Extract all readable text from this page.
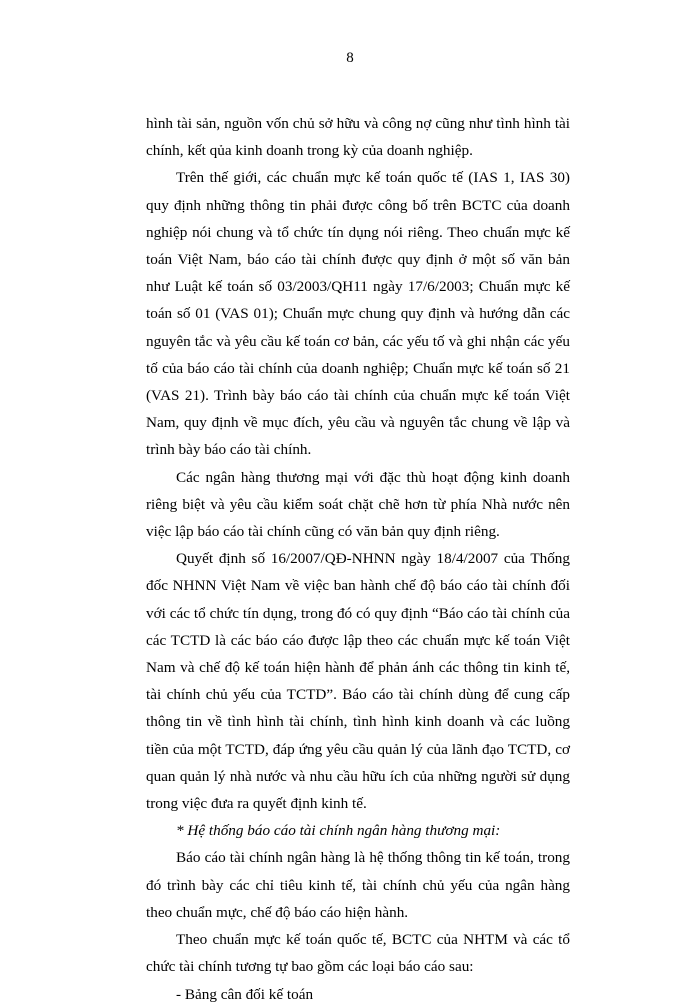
8

hình tài sản, nguồn vốn chủ sở hữu và công nợ cũng như tình hình tài chính, kết qủa kinh doanh trong kỳ của doanh nghiệp.

Trên thế giới, các chuẩn mực kế toán quốc tế (IAS 1, IAS 30) quy định những thông tin phải được công bố trên BCTC của doanh nghiệp nói chung và tổ chức tín dụng nói riêng. Theo chuẩn mực kế toán Việt Nam, báo cáo tài chính được quy định ở một số văn bản như Luật kế toán số 03/2003/QH11 ngày 17/6/2003; Chuẩn mực kế toán số 01 (VAS 01); Chuẩn mực chung quy định và hướng dẫn các nguyên tắc và yêu cầu kế toán cơ bản, các yếu tố và ghi nhận các yếu tố của báo cáo tài chính của doanh nghiệp; Chuẩn mực kế toán số 21 (VAS 21). Trình bày báo cáo tài chính của chuẩn mực kế toán Việt Nam, quy định về mục đích, yêu cầu và nguyên tắc chung về lập và trình bày báo cáo tài chính.

Các ngân hàng thương mại với đặc thù hoạt động kinh doanh riêng biệt và yêu cầu kiểm soát chặt chẽ hơn từ phía Nhà nước nên việc lập báo cáo tài chính cũng có văn bản quy định riêng.

Quyết định số 16/2007/QĐ-NHNN ngày 18/4/2007 của Thống đốc NHNN Việt Nam về việc ban hành chế độ báo cáo tài chính đối với các tổ chức tín dụng, trong đó có quy định “Báo cáo tài chính của các TCTD là các báo cáo được lập theo các chuẩn mực kế toán Việt Nam và chế độ kế toán hiện hành để phản ánh các thông tin kinh tế, tài chính chủ yếu của TCTD”. Báo cáo tài chính dùng để cung cấp thông tin về tình hình tài chính, tình hình kinh doanh và các luồng tiền của một TCTD, đáp ứng yêu cầu quản lý của lãnh đạo TCTD, cơ quan quản lý nhà nước và nhu cầu hữu ích của những người sử dụng trong việc đưa ra quyết định kinh tế.

* Hệ thống báo cáo tài chính ngân hàng thương mại:

Báo cáo tài chính ngân hàng là hệ thống thông tin kế toán, trong đó trình bày các chỉ tiêu kinh tế, tài chính chủ yếu của ngân hàng theo chuẩn mực, chế độ báo cáo hiện hành.

Theo chuẩn mực kế toán quốc tế, BCTC của NHTM và các tổ chức tài chính tương tự bao gồm các loại báo cáo sau:

- Bảng cân đối kế toán
